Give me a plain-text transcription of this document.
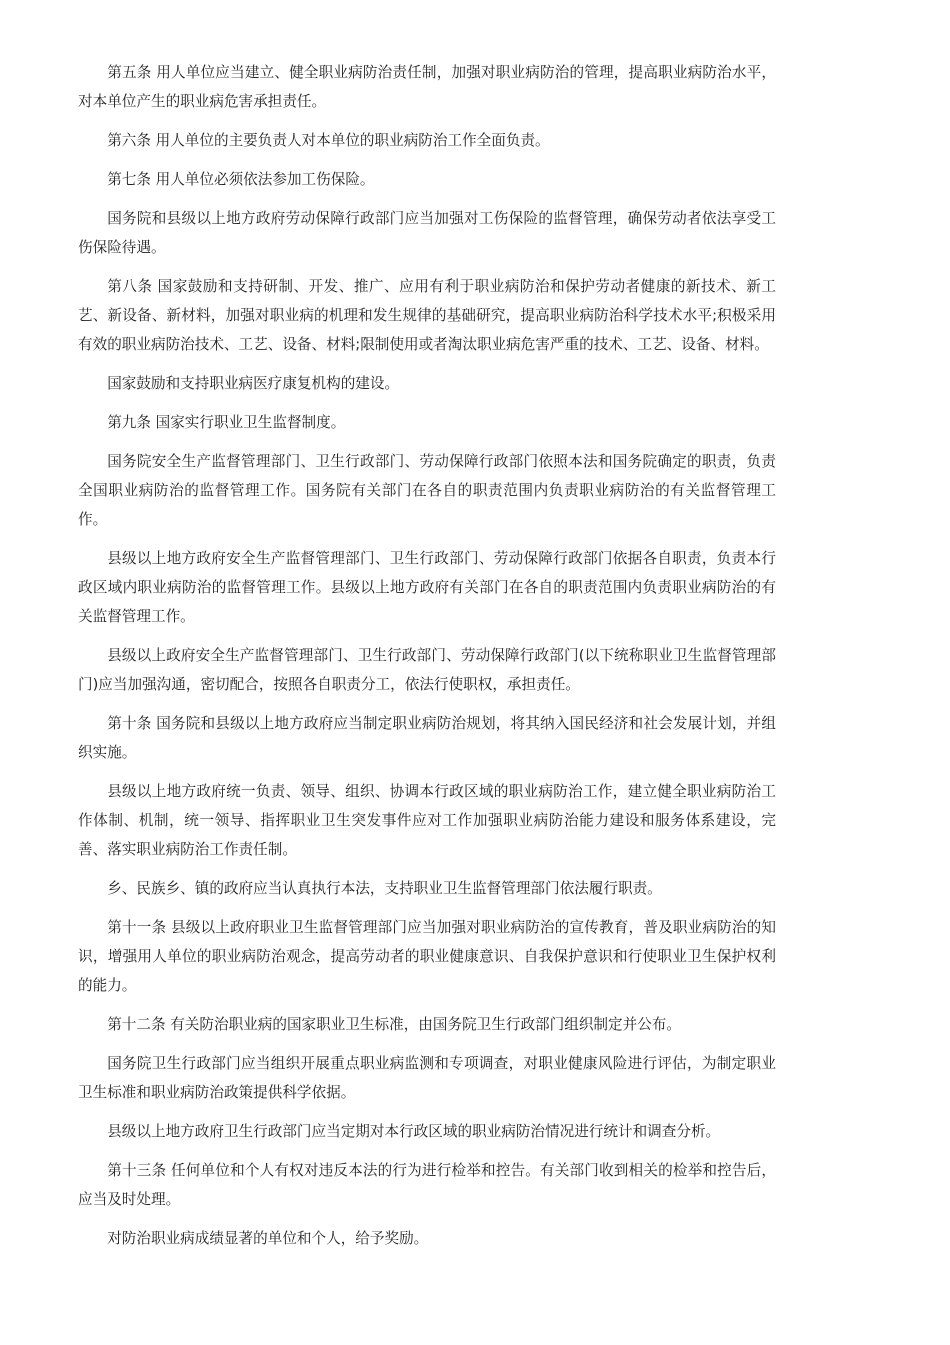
第五条 用人单位应当建立、健全职业病防治责任制，加强对职业病防治的管理，提高职业病防治水平，对本单位产生的职业病危害承担责任。

第六条 用人单位的主要负责人对本单位的职业病防治工作全面负责。

第七条 用人单位必须依法参加工伤保险。

国务院和县级以上地方政府劳动保障行政部门应当加强对工伤保险的监督管理，确保劳动者依法享受工伤保险待遇。

第八条 国家鼓励和支持研制、开发、推广、应用有利于职业病防治和保护劳动者健康的新技术、新工艺、新设备、新材料，加强对职业病的机理和发生规律的基础研究，提高职业病防治科学技术水平;积极采用有效的职业病防治技术、工艺、设备、材料;限制使用或者淘汰职业病危害严重的技术、工艺、设备、材料。

国家鼓励和支持职业病医疗康复机构的建设。

第九条 国家实行职业卫生监督制度。

国务院安全生产监督管理部门、卫生行政部门、劳动保障行政部门依照本法和国务院确定的职责，负责全国职业病防治的监督管理工作。国务院有关部门在各自的职责范围内负责职业病防治的有关监督管理工作。

县级以上地方政府安全生产监督管理部门、卫生行政部门、劳动保障行政部门依据各自职责，负责本行政区域内职业病防治的监督管理工作。县级以上地方政府有关部门在各自的职责范围内负责职业病防治的有关监督管理工作。

县级以上政府安全生产监督管理部门、卫生行政部门、劳动保障行政部门(以下统称职业卫生监督管理部门)应当加强沟通，密切配合，按照各自职责分工，依法行使职权，承担责任。

第十条 国务院和县级以上地方政府应当制定职业病防治规划，将其纳入国民经济和社会发展计划，并组织实施。

县级以上地方政府统一负责、领导、组织、协调本行政区域的职业病防治工作，建立健全职业病防治工作体制、机制，统一领导、指挥职业卫生突发事件应对工作加强职业病防治能力建设和服务体系建设，完善、落实职业病防治工作责任制。

乡、民族乡、镇的政府应当认真执行本法，支持职业卫生监督管理部门依法履行职责。

第十一条 县级以上政府职业卫生监督管理部门应当加强对职业病防治的宣传教育，普及职业病防治的知识，增强用人单位的职业病防治观念，提高劳动者的职业健康意识、自我保护意识和行使职业卫生保护权利的能力。

第十二条 有关防治职业病的国家职业卫生标准，由国务院卫生行政部门组织制定并公布。

国务院卫生行政部门应当组织开展重点职业病监测和专项调查，对职业健康风险进行评估，为制定职业卫生标准和职业病防治政策提供科学依据。

县级以上地方政府卫生行政部门应当定期对本行政区域的职业病防治情况进行统计和调查分析。

第十三条 任何单位和个人有权对违反本法的行为进行检举和控告。有关部门收到相关的检举和控告后，应当及时处理。

对防治职业病成绩显著的单位和个人，给予奖励。
